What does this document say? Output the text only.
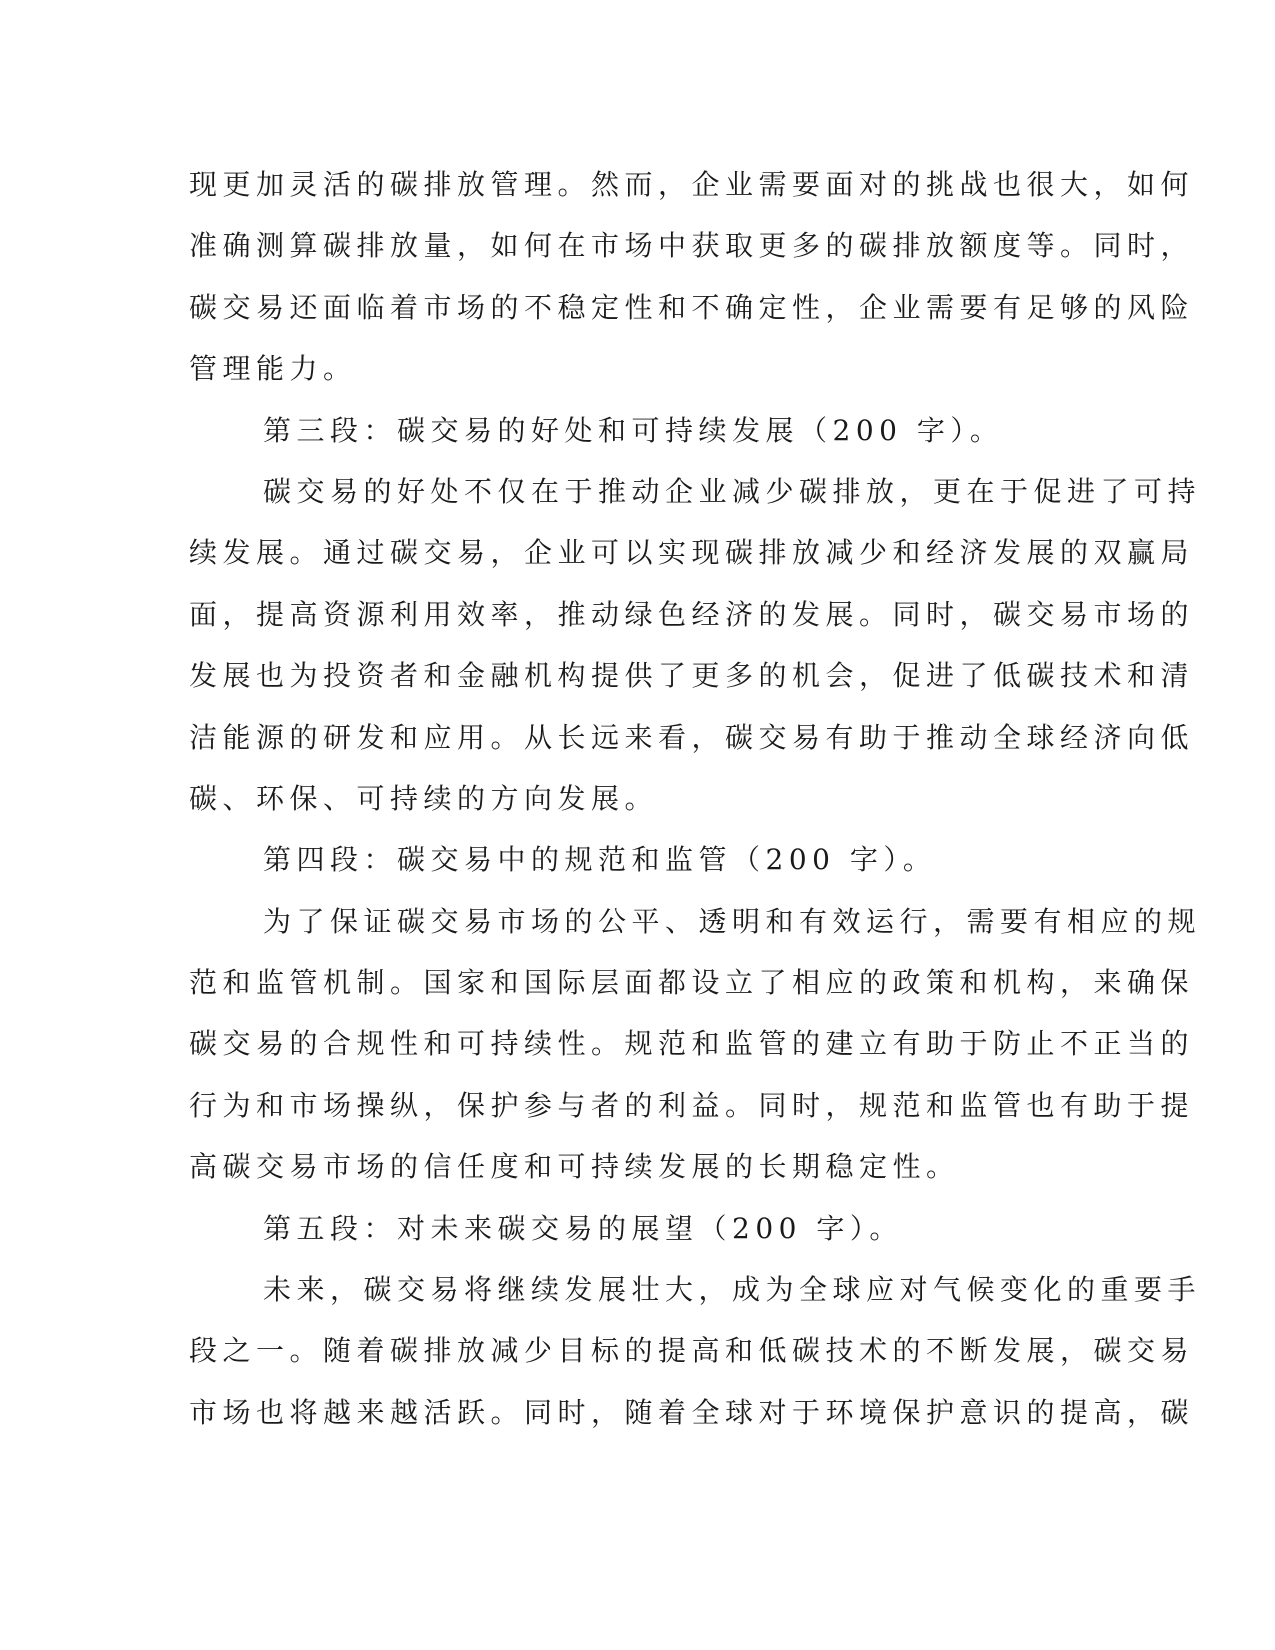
现更加灵活的碳排放管理。然而，企业需要面对的挑战也很大，如何
准确测算碳排放量，如何在市场中获取更多的碳排放额度等。同时，
碳交易还面临着市场的不稳定性和不确定性，企业需要有足够的风险
管理能力。
第三段：碳交易的好处和可持续发展（200 字）。
碳交易的好处不仅在于推动企业减少碳排放，更在于促进了可持
续发展。通过碳交易，企业可以实现碳排放减少和经济发展的双赢局
面，提高资源利用效率，推动绿色经济的发展。同时，碳交易市场的
发展也为投资者和金融机构提供了更多的机会，促进了低碳技术和清
洁能源的研发和应用。从长远来看，碳交易有助于推动全球经济向低
碳、环保、可持续的方向发展。
第四段：碳交易中的规范和监管（200 字）。
为了保证碳交易市场的公平、透明和有效运行，需要有相应的规
范和监管机制。国家和国际层面都设立了相应的政策和机构，来确保
碳交易的合规性和可持续性。规范和监管的建立有助于防止不正当的
行为和市场操纵，保护参与者的利益。同时，规范和监管也有助于提
高碳交易市场的信任度和可持续发展的长期稳定性。
第五段：对未来碳交易的展望（200 字）。
未来，碳交易将继续发展壮大，成为全球应对气候变化的重要手
段之一。随着碳排放减少目标的提高和低碳技术的不断发展，碳交易
市场也将越来越活跃。同时，随着全球对于环境保护意识的提高，碳
